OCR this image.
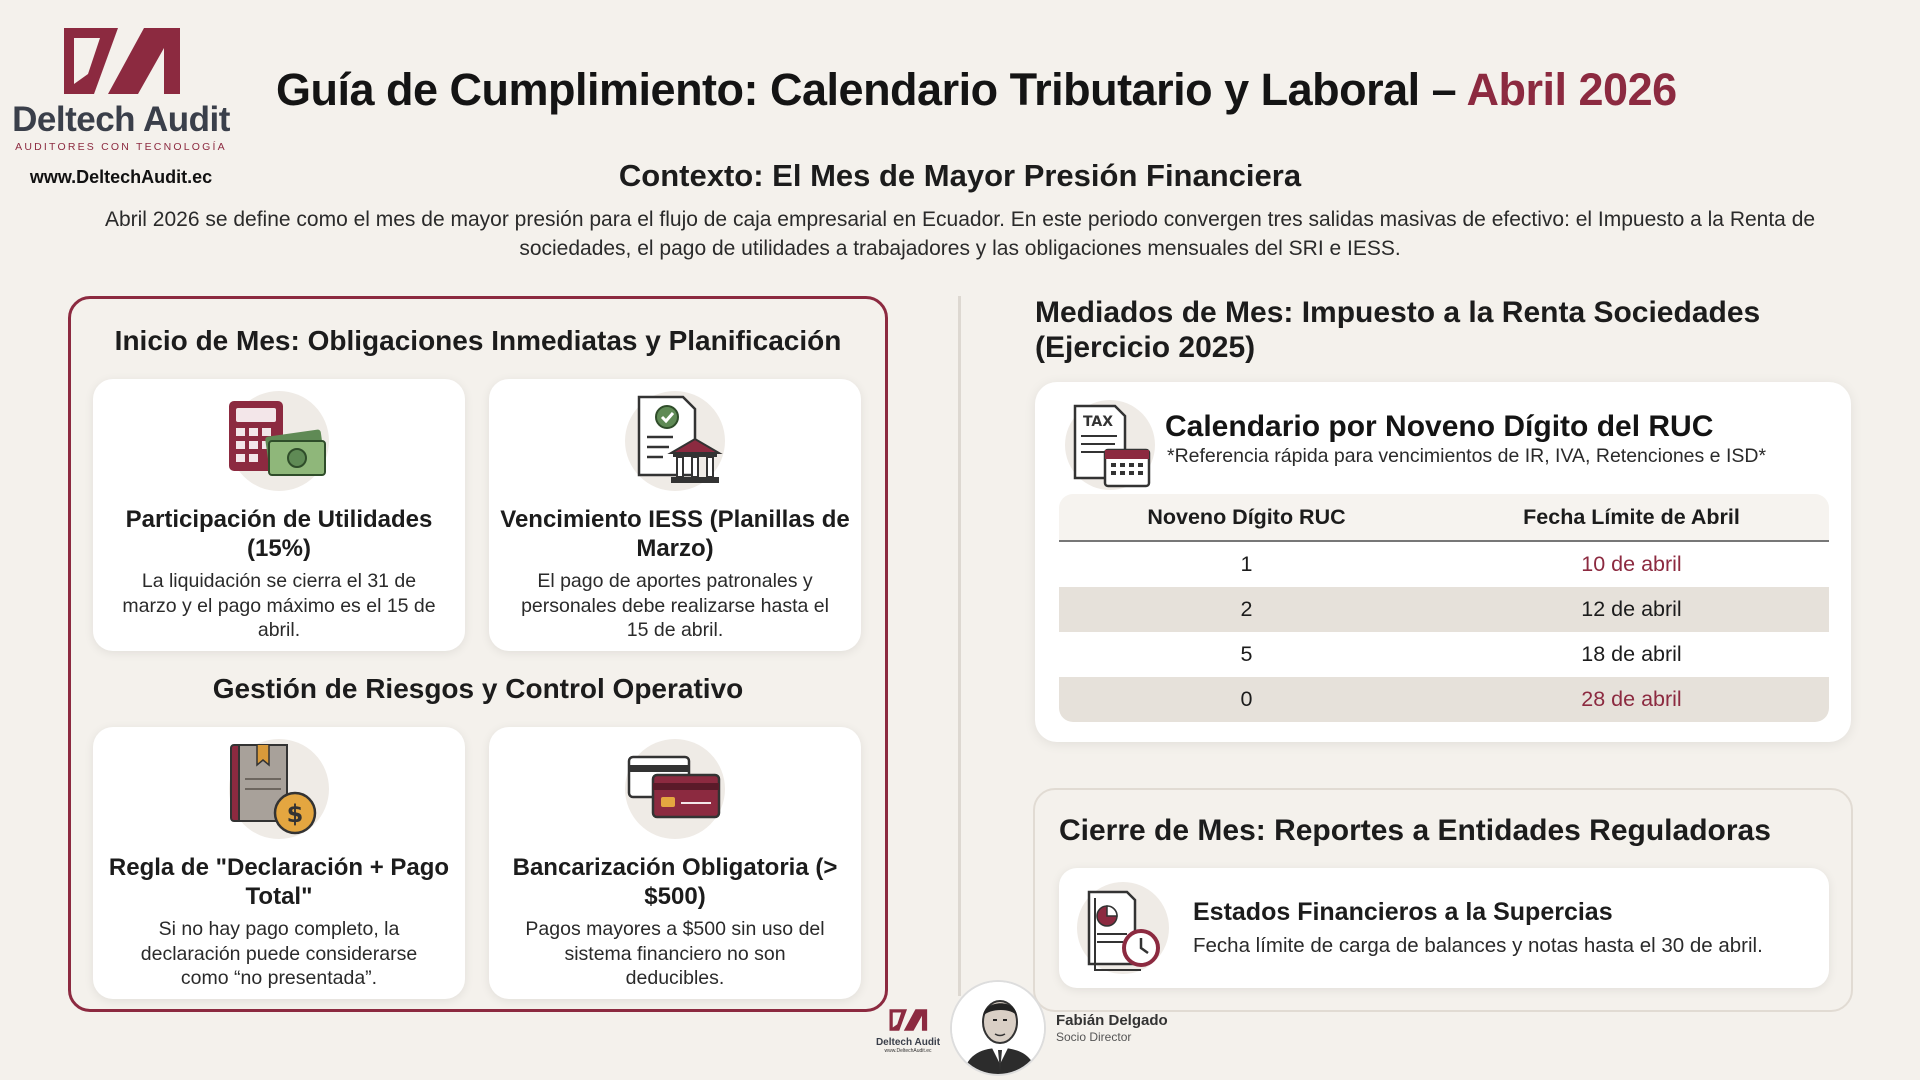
Deltech Audit
AUDITORES CON TECNOLOGÍA
www.DeltechAudit.ec
Guía de Cumplimiento: Calendario Tributario y Laboral – Abril 2026
Contexto: El Mes de Mayor Presión Financiera
Abril 2026 se define como el mes de mayor presión para el flujo de caja empresarial en Ecuador. En este periodo convergen tres salidas masivas de efectivo: el Impuesto a la Renta de sociedades, el pago de utilidades a trabajadores y las obligaciones mensuales del SRI e IESS.
Inicio de Mes: Obligaciones Inmediatas y Planificación
Participación de Utilidades (15%)
La liquidación se cierra el 31 de marzo y el pago máximo es el 15 de abril.
Vencimiento IESS (Planillas de Marzo)
El pago de aportes patronales y personales debe realizarse hasta el 15 de abril.
Gestión de Riesgos y Control Operativo
$
Regla de "Declaración + Pago Total"
Si no hay pago completo, la declaración puede considerarse como “no presentada”.
Bancarización Obligatoria (> $500)
Pagos mayores a $500 sin uso del sistema financiero no son deducibles.
Mediados de Mes: Impuesto a la Renta Sociedades (Ejercicio 2025)
TAX Calendario por Noveno Dígito del RUC
*Referencia rápida para vencimientos de IR, IVA, Retenciones e ISD*
Noveno Dígito RUC	Fecha Límite de Abril
1	10 de abril
2	12 de abril
5	18 de abril
0	28 de abril
Cierre de Mes: Reportes a Entidades Reguladoras
Estados Financieros a la Supercias
Fecha límite de carga de balances y notas hasta el 30 de abril.
Deltech Audit
www.DeltechAudit.ec
Fabián Delgado
Socio Director
